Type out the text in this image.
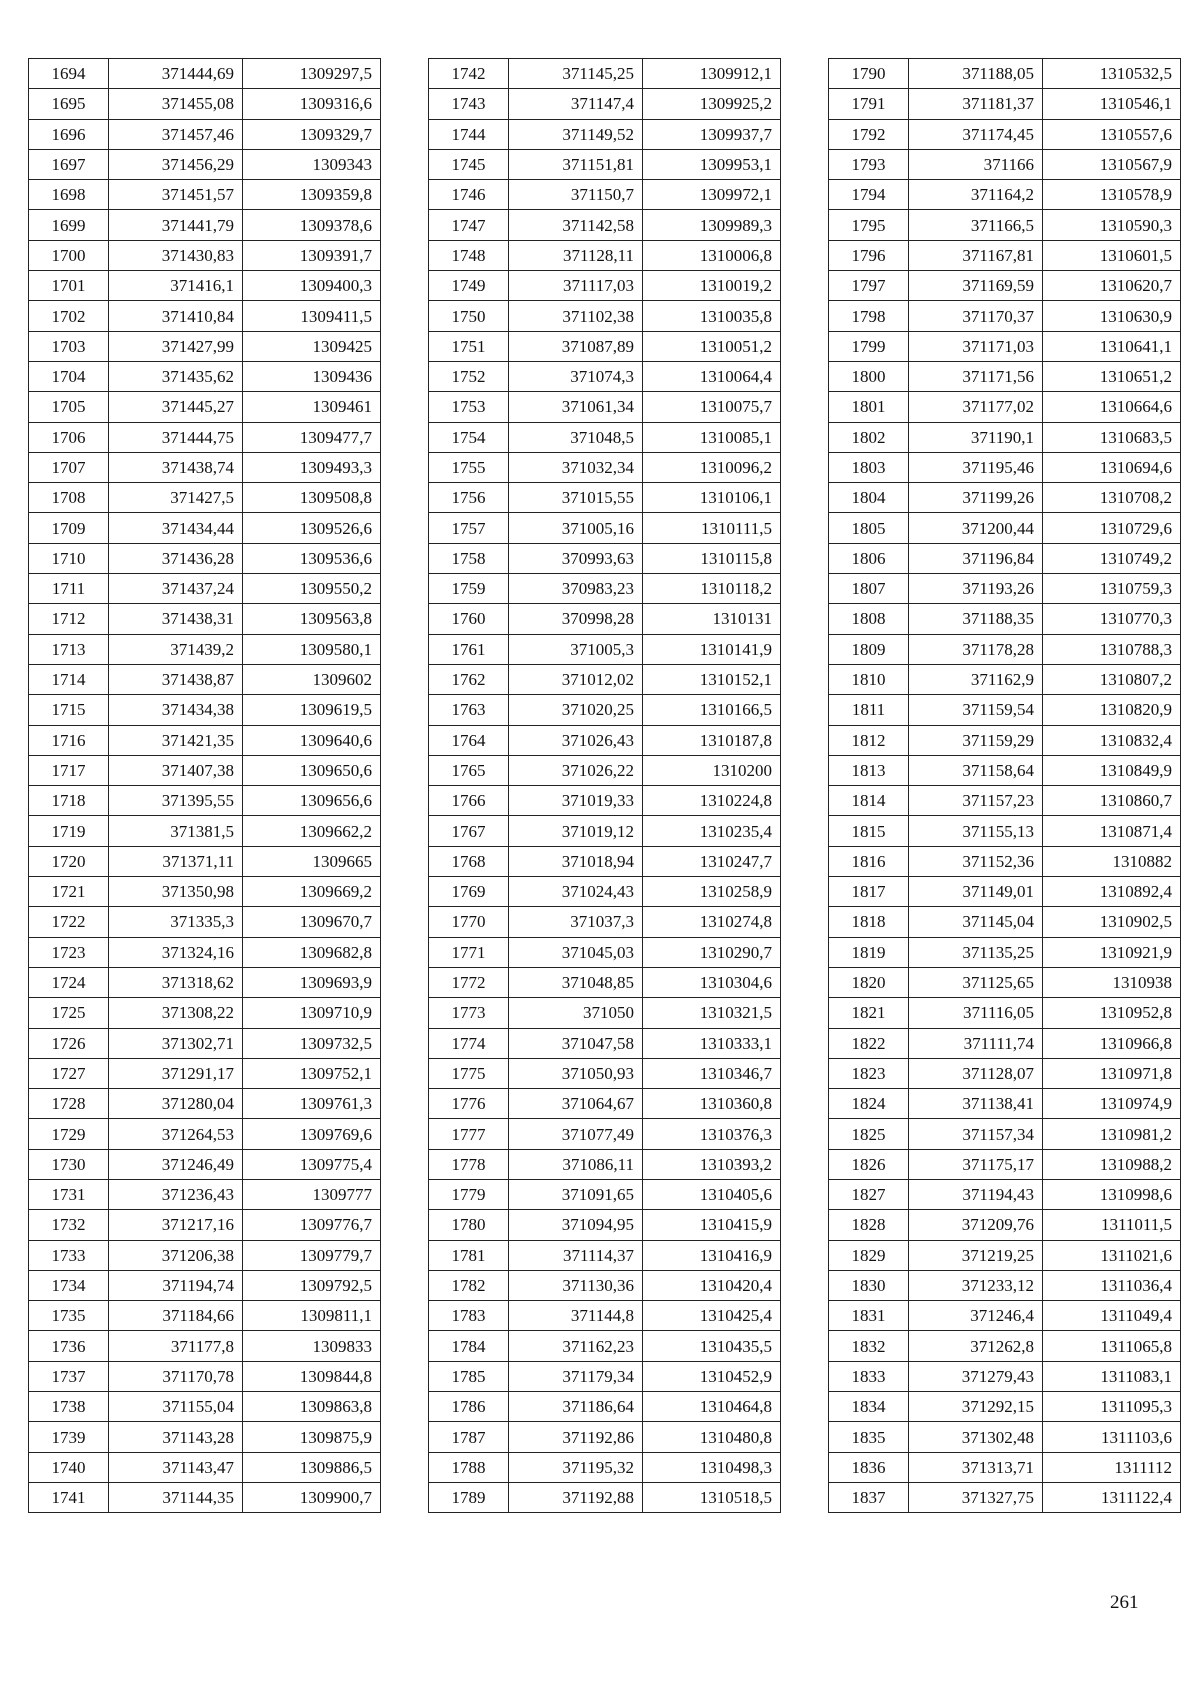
1694	371444,69	1309297,5
1695	371455,08	1309316,6
1696	371457,46	1309329,7
1697	371456,29	1309343
1698	371451,57	1309359,8
1699	371441,79	1309378,6
1700	371430,83	1309391,7
1701	371416,1	1309400,3
1702	371410,84	1309411,5
1703	371427,99	1309425
1704	371435,62	1309436
1705	371445,27	1309461
1706	371444,75	1309477,7
1707	371438,74	1309493,3
1708	371427,5	1309508,8
1709	371434,44	1309526,6
1710	371436,28	1309536,6
1711	371437,24	1309550,2
1712	371438,31	1309563,8
1713	371439,2	1309580,1
1714	371438,87	1309602
1715	371434,38	1309619,5
1716	371421,35	1309640,6
1717	371407,38	1309650,6
1718	371395,55	1309656,6
1719	371381,5	1309662,2
1720	371371,11	1309665
1721	371350,98	1309669,2
1722	371335,3	1309670,7
1723	371324,16	1309682,8
1724	371318,62	1309693,9
1725	371308,22	1309710,9
1726	371302,71	1309732,5
1727	371291,17	1309752,1
1728	371280,04	1309761,3
1729	371264,53	1309769,6
1730	371246,49	1309775,4
1731	371236,43	1309777
1732	371217,16	1309776,7
1733	371206,38	1309779,7
1734	371194,74	1309792,5
1735	371184,66	1309811,1
1736	371177,8	1309833
1737	371170,78	1309844,8
1738	371155,04	1309863,8
1739	371143,28	1309875,9
1740	371143,47	1309886,5
1741	371144,35	1309900,7
1742	371145,25	1309912,1
1743	371147,4	1309925,2
1744	371149,52	1309937,7
1745	371151,81	1309953,1
1746	371150,7	1309972,1
1747	371142,58	1309989,3
1748	371128,11	1310006,8
1749	371117,03	1310019,2
1750	371102,38	1310035,8
1751	371087,89	1310051,2
1752	371074,3	1310064,4
1753	371061,34	1310075,7
1754	371048,5	1310085,1
1755	371032,34	1310096,2
1756	371015,55	1310106,1
1757	371005,16	1310111,5
1758	370993,63	1310115,8
1759	370983,23	1310118,2
1760	370998,28	1310131
1761	371005,3	1310141,9
1762	371012,02	1310152,1
1763	371020,25	1310166,5
1764	371026,43	1310187,8
1765	371026,22	1310200
1766	371019,33	1310224,8
1767	371019,12	1310235,4
1768	371018,94	1310247,7
1769	371024,43	1310258,9
1770	371037,3	1310274,8
1771	371045,03	1310290,7
1772	371048,85	1310304,6
1773	371050	1310321,5
1774	371047,58	1310333,1
1775	371050,93	1310346,7
1776	371064,67	1310360,8
1777	371077,49	1310376,3
1778	371086,11	1310393,2
1779	371091,65	1310405,6
1780	371094,95	1310415,9
1781	371114,37	1310416,9
1782	371130,36	1310420,4
1783	371144,8	1310425,4
1784	371162,23	1310435,5
1785	371179,34	1310452,9
1786	371186,64	1310464,8
1787	371192,86	1310480,8
1788	371195,32	1310498,3
1789	371192,88	1310518,5
1790	371188,05	1310532,5
1791	371181,37	1310546,1
1792	371174,45	1310557,6
1793	371166	1310567,9
1794	371164,2	1310578,9
1795	371166,5	1310590,3
1796	371167,81	1310601,5
1797	371169,59	1310620,7
1798	371170,37	1310630,9
1799	371171,03	1310641,1
1800	371171,56	1310651,2
1801	371177,02	1310664,6
1802	371190,1	1310683,5
1803	371195,46	1310694,6
1804	371199,26	1310708,2
1805	371200,44	1310729,6
1806	371196,84	1310749,2
1807	371193,26	1310759,3
1808	371188,35	1310770,3
1809	371178,28	1310788,3
1810	371162,9	1310807,2
1811	371159,54	1310820,9
1812	371159,29	1310832,4
1813	371158,64	1310849,9
1814	371157,23	1310860,7
1815	371155,13	1310871,4
1816	371152,36	1310882
1817	371149,01	1310892,4
1818	371145,04	1310902,5
1819	371135,25	1310921,9
1820	371125,65	1310938
1821	371116,05	1310952,8
1822	371111,74	1310966,8
1823	371128,07	1310971,8
1824	371138,41	1310974,9
1825	371157,34	1310981,2
1826	371175,17	1310988,2
1827	371194,43	1310998,6
1828	371209,76	1311011,5
1829	371219,25	1311021,6
1830	371233,12	1311036,4
1831	371246,4	1311049,4
1832	371262,8	1311065,8
1833	371279,43	1311083,1
1834	371292,15	1311095,3
1835	371302,48	1311103,6
1836	371313,71	1311112
1837	371327,75	1311122,4
261
